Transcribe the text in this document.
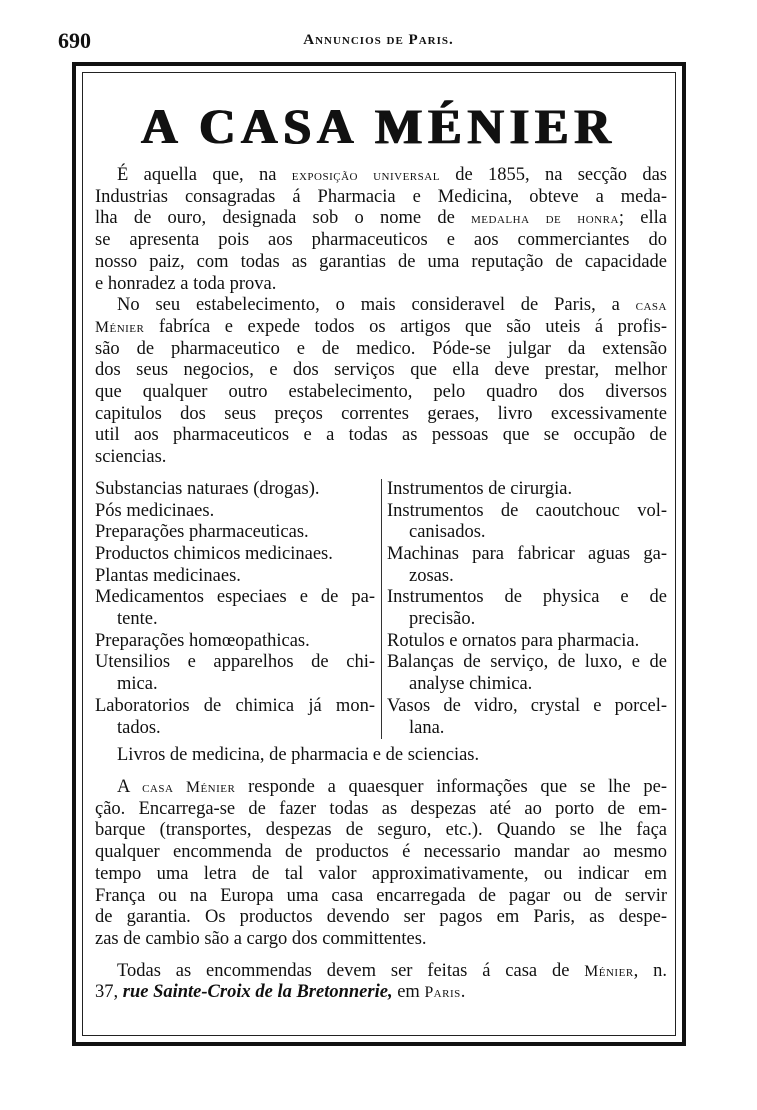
690	Annuncios de Paris.
A CASA MÉNIER
É aquella que, na exposição universal de 1855, na secção das
Industrias consagradas á Pharmacia e Medicina, obteve a meda-
lha de ouro, designada sob o nome de medalha de honra; ella
se apresenta pois aos pharmaceuticos e aos commerciantes do
nosso paiz, com todas as garantias de uma reputação de capacidade
e honradez a toda prova.
No seu estabelecimento, o mais consideravel de Paris, a casa
Ménier fabríca e expede todos os artigos que são uteis á profis-
são de pharmaceutico e de medico. Póde-se julgar da extensão
dos seus negocios, e dos serviços que ella deve prestar, melhor
que qualquer outro estabelecimento, pelo quadro dos diversos
capitulos dos seus preços correntes geraes, livro excessivamente
util aos pharmaceuticos e a todas as pessoas que se occupão de
sciencias.
Substancias naturaes (drogas).
Pós medicinaes.
Preparações pharmaceuticas.
Productos chimicos medicinaes.
Plantas medicinaes.
Medicamentos especiaes e de pa-
tente.
Preparações homœopathicas.
Utensilios e apparelhos de chi-
mica.
Laboratorios de chimica já mon-
tados.
Instrumentos de cirurgia.
Instrumentos de caoutchouc vol-
canisados.
Machinas para fabricar aguas ga-
zosas.
Instrumentos de physica e de
precisão.
Rotulos e ornatos para pharmacia.
Balanças de serviço, de luxo, e de
analyse chimica.
Vasos de vidro, crystal e porcel-
lana.
Livros de medicina, de pharmacia e de sciencias.
A casa Ménier responde a quaesquer informações que se lhe pe-
ção. Encarrega-se de fazer todas as despezas até ao porto de em-
barque (transportes, despezas de seguro, etc.). Quando se lhe faça
qualquer encommenda de productos é necessario mandar ao mesmo
tempo uma letra de tal valor approximativamente, ou indicar em
França ou na Europa uma casa encarregada de pagar ou de servir
de garantia. Os productos devendo ser pagos em Paris, as despe-
zas de cambio são a cargo dos committentes.
Todas as encommendas devem ser feitas á casa de Ménier, n.
37, rue Sainte-Croix de la Bretonnerie, em Paris.
